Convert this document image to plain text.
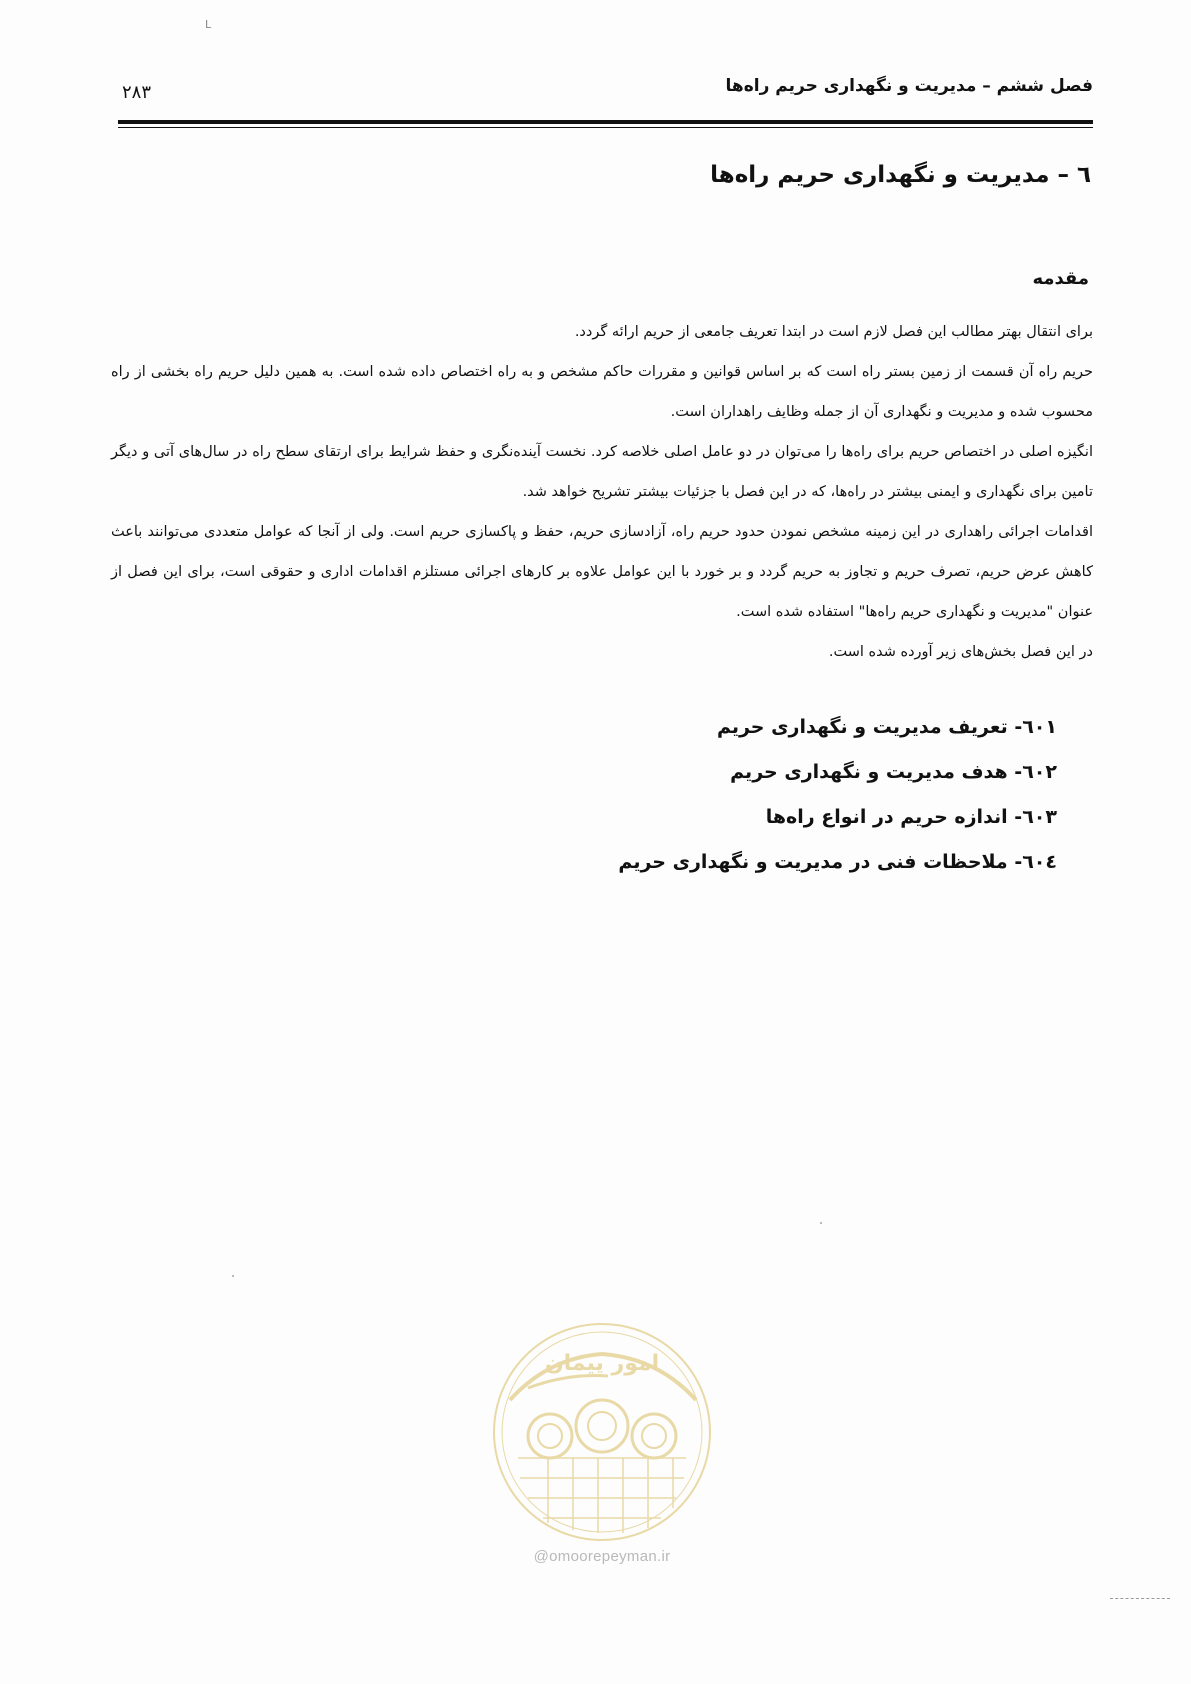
L
فصل ششم – مدیریت و نگهداری حریم راه‌ها
۲۸۳
٦ – مدیریت و نگهداری حریم راه‌ها
مقدمه

برای انتقال بهتر مطالب این فصل لازم است در ابتدا تعریف جامعی از حریم ارائه گردد.

حریم راه آن قسمت از زمین بستر راه است که بر اساس قوانین و مقررات حاکم مشخص و به راه اختصاص داده شده است. به همین دلیل حریم راه بخشی از راه محسوب شده و مدیریت و نگهداری آن از جمله وظایف راهداران است.

انگیزه اصلی در اختصاص حریم برای راه‌ها را می‌توان در دو عامل اصلی خلاصه کرد. نخست آینده‌نگری و حفظ شرایط برای ارتقای سطح راه در سال‌های آتی و دیگر تامین برای نگهداری و ایمنی بیشتر در راه‌ها، که در این فصل با جزئیات بیشتر تشریح خواهد شد.

اقدامات اجرائی راهداری در این زمینه مشخص نمودن حدود حریم راه، آزادسازی حریم، حفظ و پاکسازی حریم است. ولی از آنجا که عوامل متعددی می‌توانند باعث کاهش عرض حریم، تصرف حریم و تجاوز به حریم گردد و بر خورد با این عوامل علاوه بر کارهای اجرائی مستلزم اقدامات اداری و حقوقی است، برای این فصل از عنوان "مدیریت و نگهداری حریم راه‌ها" استفاده شده است.

در این فصل بخش‌های زیر آورده شده است.

٦٠١- تعریف مدیریت و نگهداری حریم
٦٠٢- هدف مدیریت و نگهداری حریم
٦٠٣- اندازه حریم در انواع راه‌ها
٦٠٤- ملاحظات فنی در مدیریت و نگهداری حریم
امور پیمان
@omoorepeyman.ir
